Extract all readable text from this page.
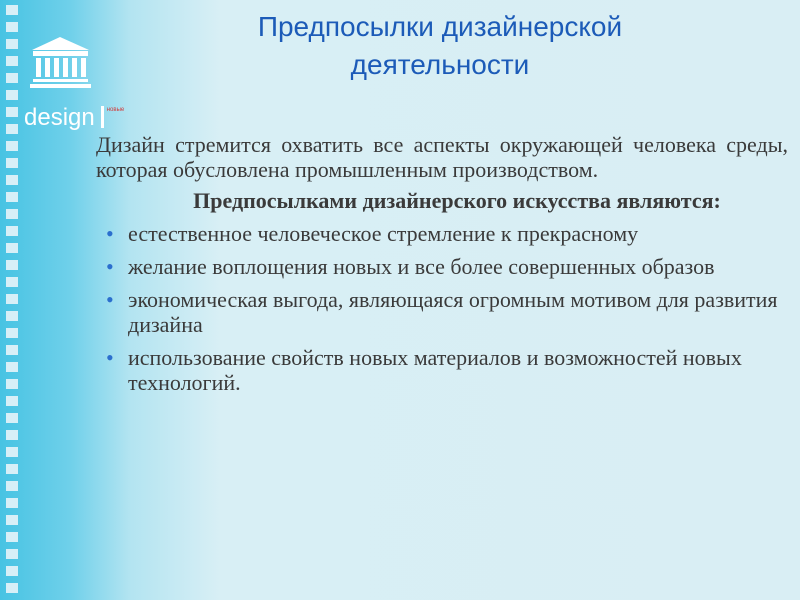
design $^{новые}$
Предпосылки дизайнерской деятельности

Дизайн стремится охватить все аспекты окружающей человека среды, которая обусловлена промышленным производством.

Предпосылками дизайнерского искусства являются:
• естественное человеческое стремление к прекрасному
• желание воплощения новых и все более совершенных образов
• экономическая выгода, являющаяся огромным мотивом для развития дизайна
• использование свойств новых материалов и возможностей новых технологий.
